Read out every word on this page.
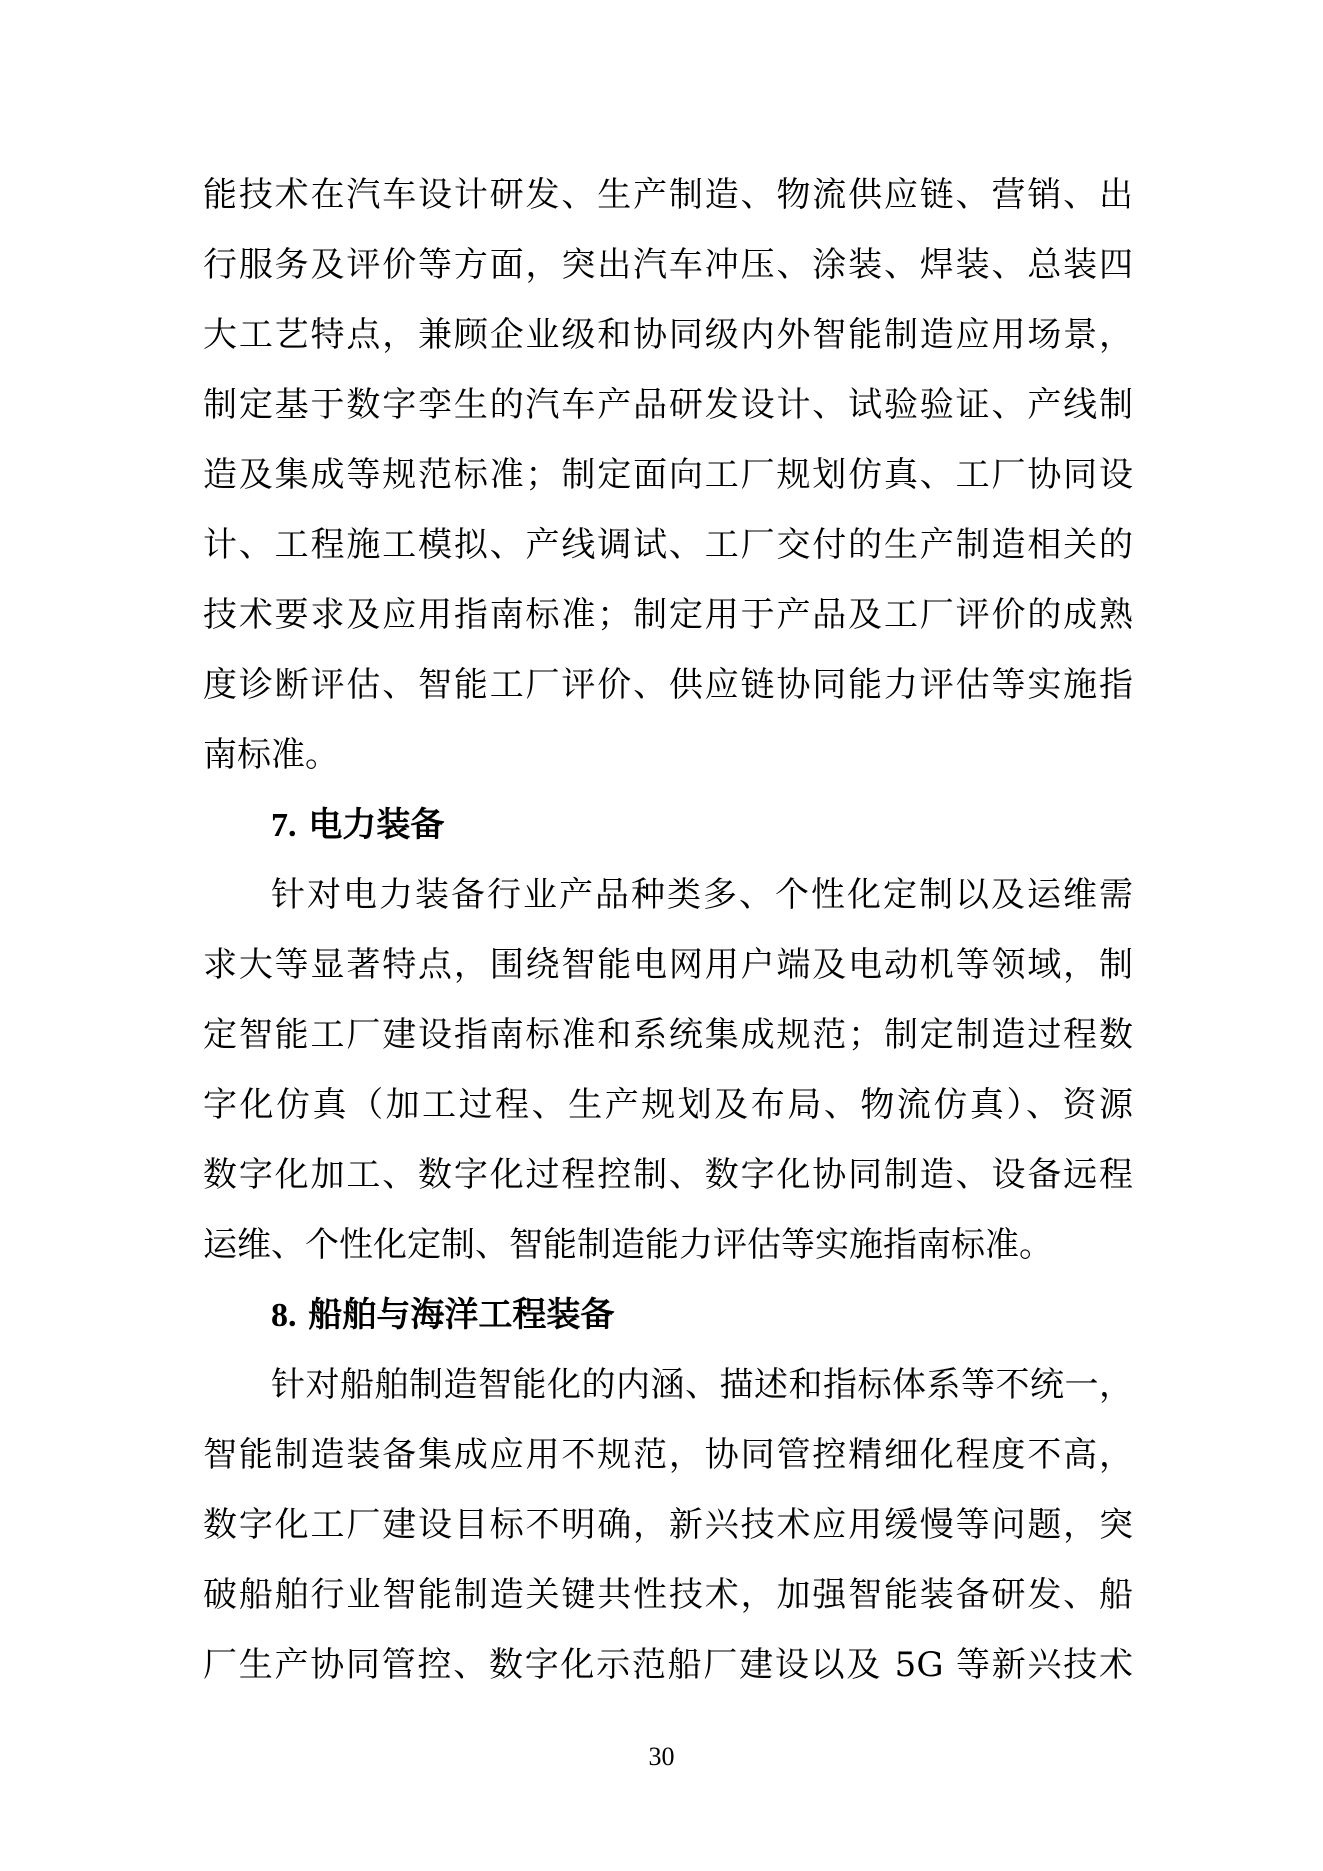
能技术在汽车设计研发、生产制造、物流供应链、营销、出
行服务及评价等方面，突出汽车冲压、涂装、焊装、总装四
大工艺特点，兼顾企业级和协同级内外智能制造应用场景，
制定基于数字孪生的汽车产品研发设计、试验验证、产线制
造及集成等规范标准；制定面向工厂规划仿真、工厂协同设
计、工程施工模拟、产线调试、工厂交付的生产制造相关的
技术要求及应用指南标准；制定用于产品及工厂评价的成熟
度诊断评估、智能工厂评价、供应链协同能力评估等实施指
南标准。
7. 电力装备
针对电力装备行业产品种类多、个性化定制以及运维需
求大等显著特点，围绕智能电网用户端及电动机等领域，制
定智能工厂建设指南标准和系统集成规范；制定制造过程数
字化仿真（加工过程、生产规划及布局、物流仿真）、资源
数字化加工、数字化过程控制、数字化协同制造、设备远程
运维、个性化定制、智能制造能力评估等实施指南标准。
8. 船舶与海洋工程装备
针对船舶制造智能化的内涵、描述和指标体系等不统一，
智能制造装备集成应用不规范，协同管控精细化程度不高，
数字化工厂建设目标不明确，新兴技术应用缓慢等问题，突
破船舶行业智能制造关键共性技术，加强智能装备研发、船
厂生产协同管控、数字化示范船厂建设以及 5G 等新兴技术
30
